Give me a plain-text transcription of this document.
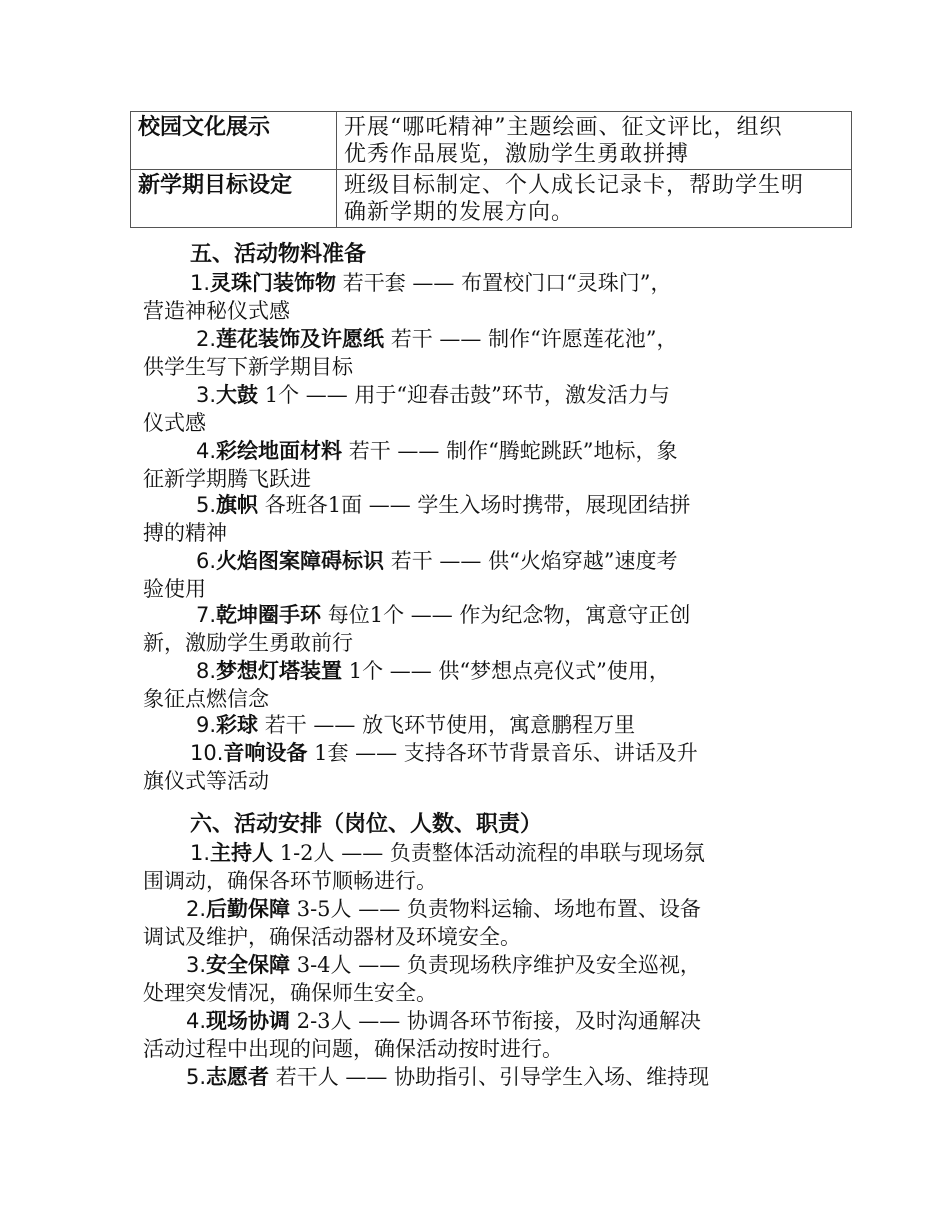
校园文化展示	开展“哪吒精神”主题绘画、征文评比，组织
优秀作品展览，激励学生勇敢拼搏

新学期目标设定	班级目标制定、个人成长记录卡，帮助学生明
确新学期的发展方向。
五、活动物料准备
1.灵珠门装饰物 若干套 —— 布置校门口“灵珠门”，
营造神秘仪式感
2.莲花装饰及许愿纸 若干 —— 制作“许愿莲花池”，
供学生写下新学期目标
3.大鼓 1个 —— 用于“迎春击鼓”环节，激发活力与
仪式感
4.彩绘地面材料 若干 —— 制作“腾蛇跳跃”地标，象
征新学期腾飞跃进
5.旗帜 各班各1面 —— 学生入场时携带，展现团结拼
搏的精神
6.火焰图案障碍标识 若干 —— 供“火焰穿越”速度考
验使用
7.乾坤圈手环 每位1个 —— 作为纪念物，寓意守正创
新，激励学生勇敢前行
8.梦想灯塔装置 1个 —— 供“梦想点亮仪式”使用，
象征点燃信念
9.彩球 若干 —— 放飞环节使用，寓意鹏程万里
10.音响设备 1套 —— 支持各环节背景音乐、讲话及升
旗仪式等活动
六、活动安排（岗位、人数、职责）
1.主持人 1-2人 —— 负责整体活动流程的串联与现场氛
围调动，确保各环节顺畅进行。
2.后勤保障 3-5人 —— 负责物料运输、场地布置、设备
调试及维护，确保活动器材及环境安全。
3.安全保障 3-4人 —— 负责现场秩序维护及安全巡视，
处理突发情况，确保师生安全。
4.现场协调 2-3人 —— 协调各环节衔接，及时沟通解决
活动过程中出现的问题，确保活动按时进行。
5.志愿者 若干人 —— 协助指引、引导学生入场、维持现
